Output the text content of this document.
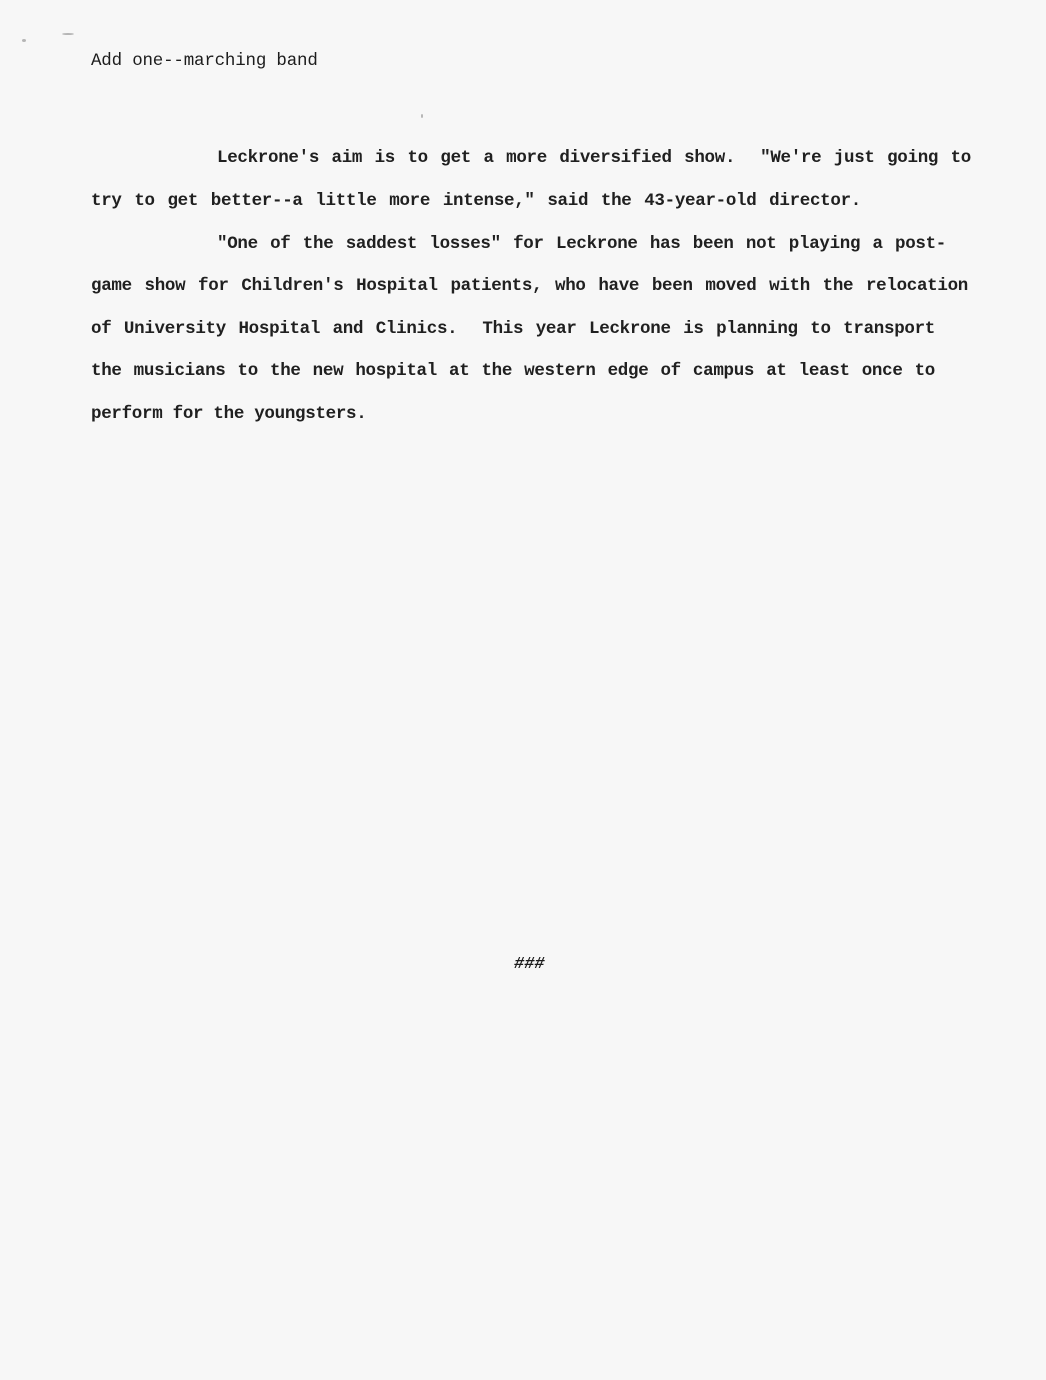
Add one--marching band

Leckrone's aim is to get a more diversified show.  "We're just going to

try to get better--a little more intense," said the 43-year-old director.

"One of the saddest losses" for Leckrone has been not playing a post-

game show for Children's Hospital patients, who have been moved with the relocation

of University Hospital and Clinics.  This year Leckrone is planning to transport

the musicians to the new hospital at the western edge of campus at least once to

perform for the youngsters.

###
